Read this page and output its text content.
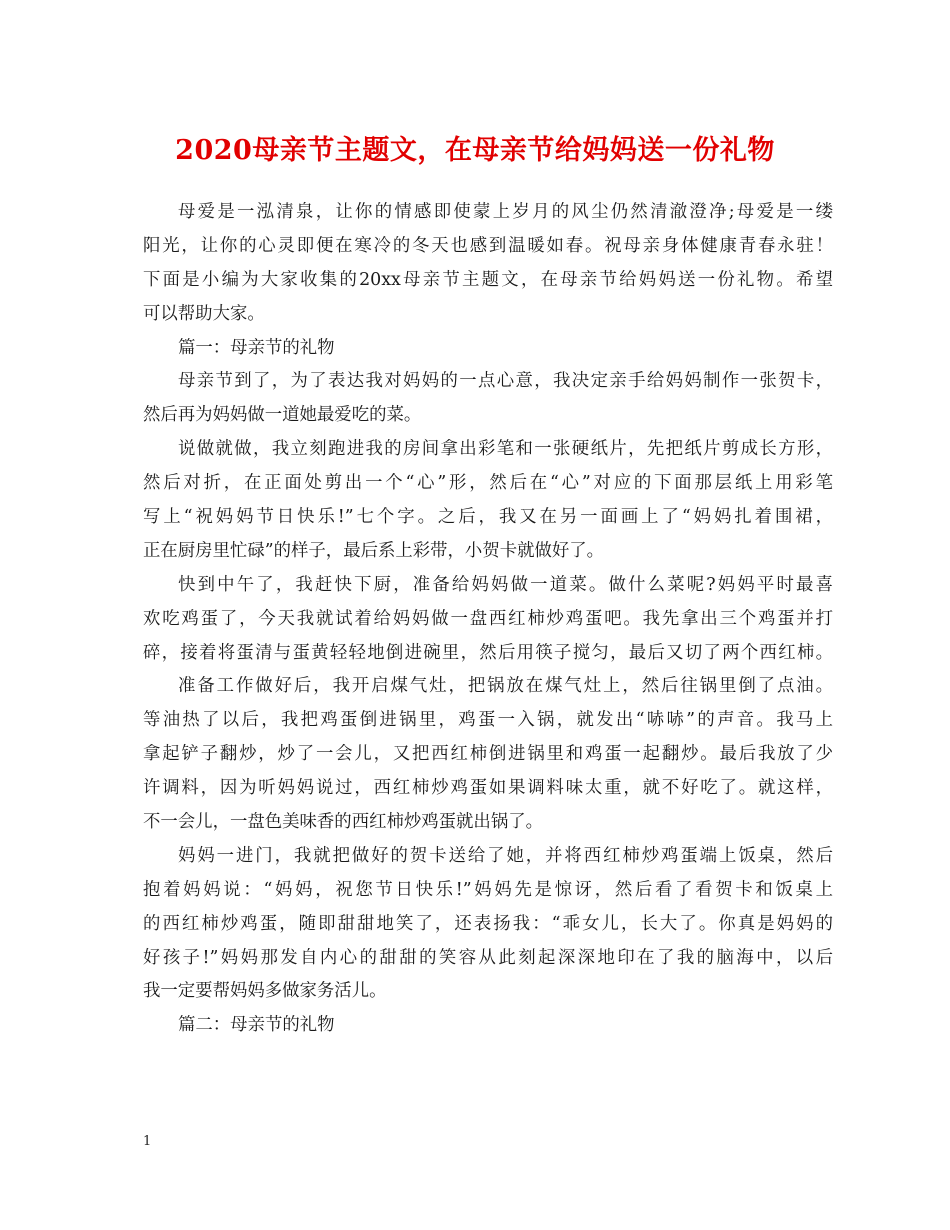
2020母亲节主题文，在母亲节给妈妈送一份礼物
母爱是一泓清泉，让你的情感即使蒙上岁月的风尘仍然清澈澄净;母爱是一缕
阳光，让你的心灵即便在寒冷的冬天也感到温暖如春。祝母亲身体健康青春永驻！
下面是小编为大家收集的20xx母亲节主题文，在母亲节给妈妈送一份礼物。希望
可以帮助大家。
篇一：母亲节的礼物
母亲节到了，为了表达我对妈妈的一点心意，我决定亲手给妈妈制作一张贺卡，
然后再为妈妈做一道她最爱吃的菜。
说做就做，我立刻跑进我的房间拿出彩笔和一张硬纸片，先把纸片剪成长方形，
然后对折，在正面处剪出一个“心”形，然后在“心”对应的下面那层纸上用彩笔
写上“祝妈妈节日快乐!”七个字。之后，我又在另一面画上了“妈妈扎着围裙，
正在厨房里忙碌”的样子，最后系上彩带，小贺卡就做好了。
快到中午了，我赶快下厨，准备给妈妈做一道菜。做什么菜呢?妈妈平时最喜
欢吃鸡蛋了，今天我就试着给妈妈做一盘西红柿炒鸡蛋吧。我先拿出三个鸡蛋并打
碎，接着将蛋清与蛋黄轻轻地倒进碗里，然后用筷子搅匀，最后又切了两个西红柿。
准备工作做好后，我开启煤气灶，把锅放在煤气灶上，然后往锅里倒了点油。
等油热了以后，我把鸡蛋倒进锅里，鸡蛋一入锅，就发出“哧哧”的声音。我马上
拿起铲子翻炒，炒了一会儿，又把西红柿倒进锅里和鸡蛋一起翻炒。最后我放了少
许调料，因为听妈妈说过，西红柿炒鸡蛋如果调料味太重，就不好吃了。就这样，
不一会儿，一盘色美味香的西红柿炒鸡蛋就出锅了。
妈妈一进门，我就把做好的贺卡送给了她，并将西红柿炒鸡蛋端上饭桌，然后
抱着妈妈说：“妈妈，祝您节日快乐!”妈妈先是惊讶，然后看了看贺卡和饭桌上
的西红柿炒鸡蛋，随即甜甜地笑了，还表扬我：“乖女儿，长大了。你真是妈妈的
好孩子!”妈妈那发自内心的甜甜的笑容从此刻起深深地印在了我的脑海中，以后
我一定要帮妈妈多做家务活儿。
篇二：母亲节的礼物
1
